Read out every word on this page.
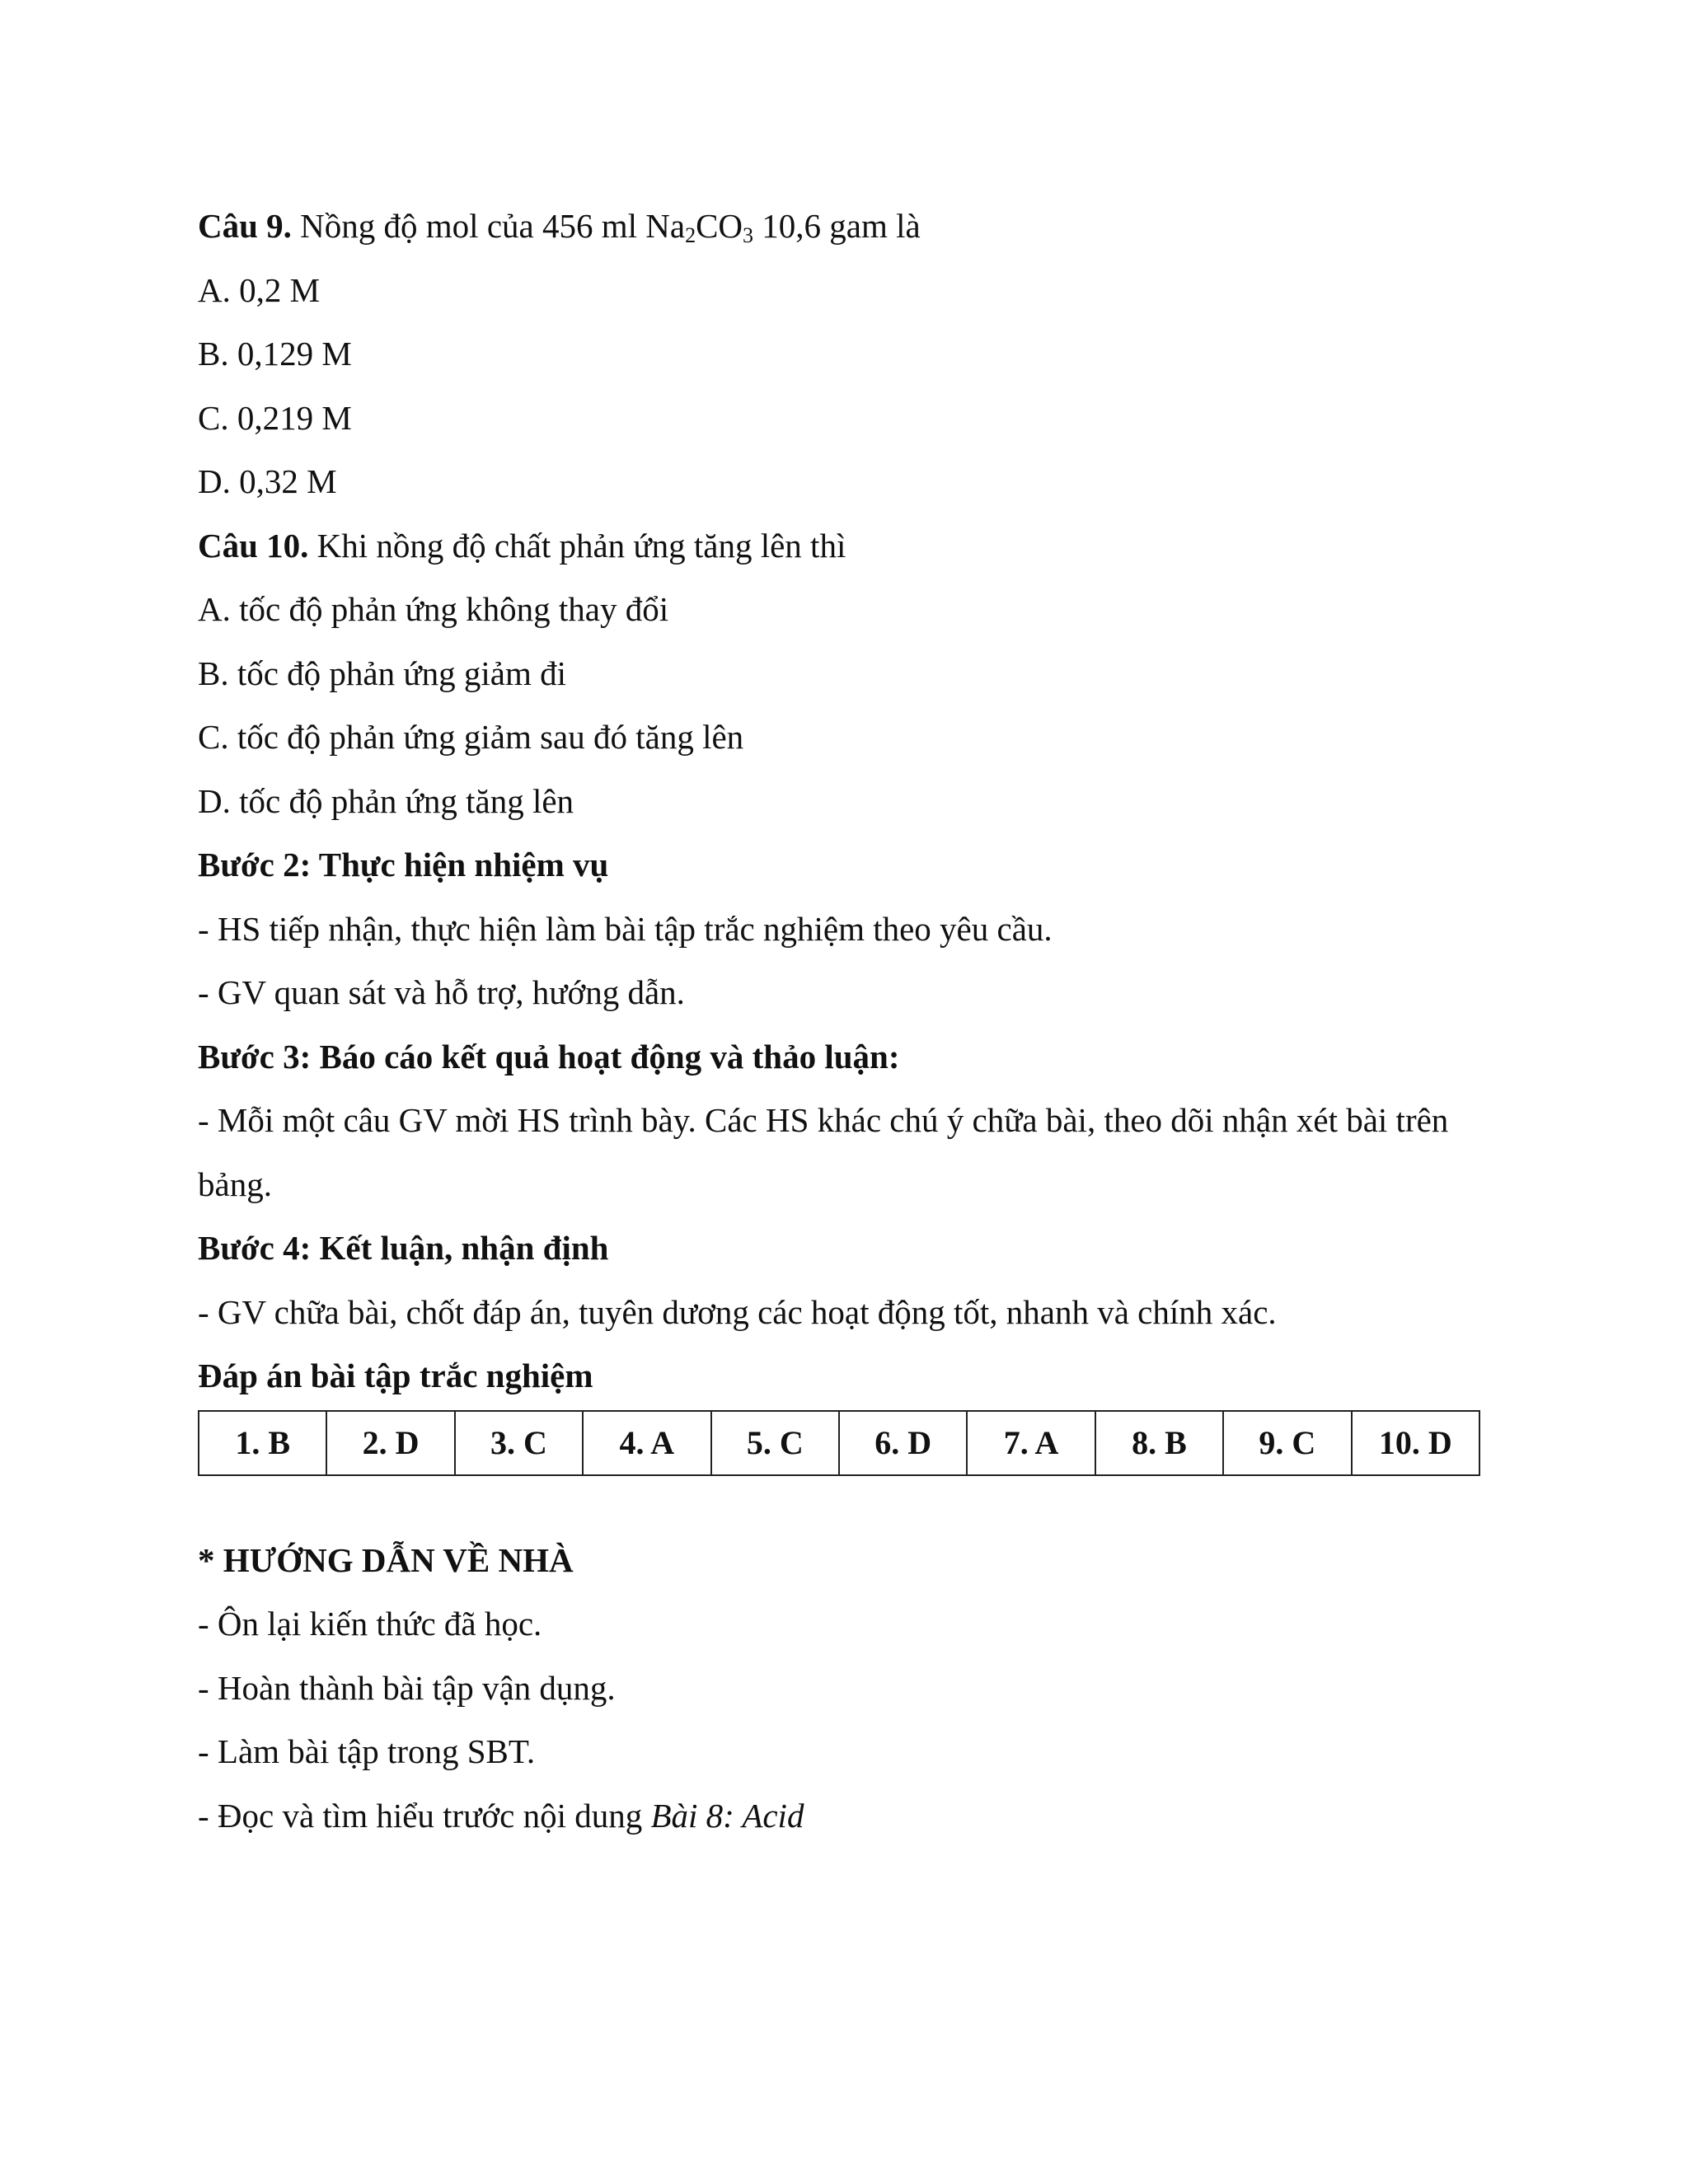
Câu 9. Nồng độ mol của 456 ml $Na_2CO_3$ 10,6 gam là
A. 0,2 M
B. 0,129 M
C. 0,219 M
D. 0,32 M
Câu 10. Khi nồng độ chất phản ứng tăng lên thì
A. tốc độ phản ứng không thay đổi
B. tốc độ phản ứng giảm đi
C. tốc độ phản ứng giảm sau đó tăng lên
D. tốc độ phản ứng tăng lên
Bước 2: Thực hiện nhiệm vụ
- HS tiếp nhận, thực hiện làm bài tập trắc nghiệm theo yêu cầu.
- GV quan sát và hỗ trợ, hướng dẫn.
Bước 3: Báo cáo kết quả hoạt động và thảo luận:
- Mỗi một câu GV mời HS trình bày. Các HS khác chú ý chữa bài, theo dõi nhận xét bài trên bảng.
Bước 4: Kết luận, nhận định
- GV chữa bài, chốt đáp án, tuyên dương các hoạt động tốt, nhanh và chính xác.
Đáp án bài tập trắc nghiệm
1. B	2. D	3. C	4. A	5. C	6. D	7. A	8. B	9. C	10. D
* HƯỚNG DẪN VỀ NHÀ
- Ôn lại kiến thức đã học.
- Hoàn thành bài tập vận dụng.
- Làm bài tập trong SBT.
- Đọc và tìm hiểu trước nội dung Bài 8: Acid
